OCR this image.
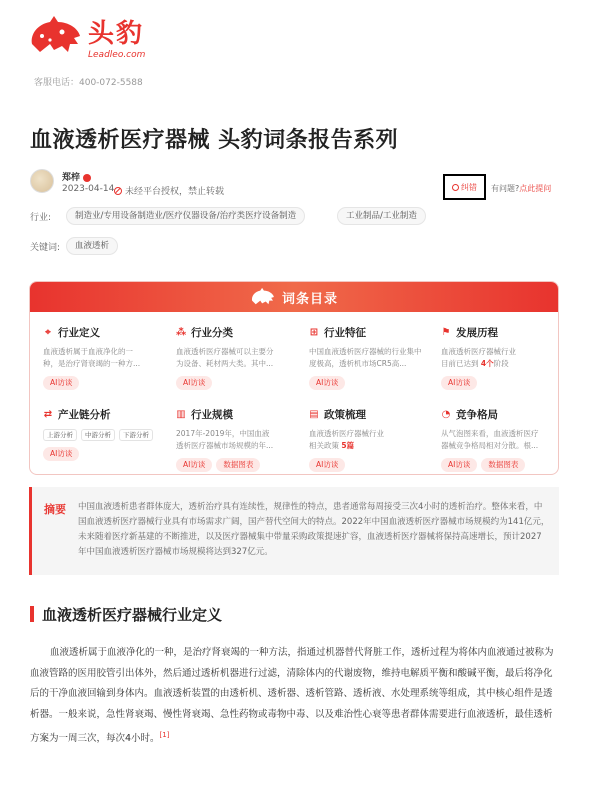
头豹
Leadleo.com
客服电话：400-072-5588
血液透析医疗器械 头豹词条报告系列
郑梓
2023-04-14 未经平台授权，禁止转载	纠错 有问题?点此提问
行业:	制造业/专用设备制造业/医疗仪器设备/治疗类医疗设备制造	工业制品/工业制造
关键词:	血液透析
词条目录
⌖ 行业定义
血液透析属于血液净化的一
种，是治疗肾衰竭的一种方...
AI访谈
⁂ 行业分类
血液透析医疗器械可以主要分
为设备、耗材两大类。其中...
AI访谈
⊞ 行业特征
中国血液透析医疗器械的行业集中
度极高，透析机市场CR5高...
AI访谈
⚑ 发展历程
血液透析医疗器械行业
目前已达到 4个阶段
AI访谈
⇄ 产业链分析
上游分析 中游分析 下游分析
AI访谈
▥ 行业规模
2017年-2019年，中国血液
透析医疗器械市场规模的年...
AI访谈 数据图表
▤ 政策梳理
血液透析医疗器械行业
相关政策 5篇
AI访谈
◔ 竞争格局
从气泡图来看，血液透析医疗
器械竞争格局相对分散。根...
AI访谈 数据图表
摘要 中国血液透析患者群体庞大，透析治疗具有连续性，规律性的特点，患者通常每周接受三次4小时的透析治疗。整体来看，中国血液透析医疗器械行业具有市场需求广阔，国产替代空间大的特点。2022年中国血液透析医疗器械市场规模约为141亿元，未来随着医疗新基建的不断推进，以及医疗器械集中带量采购政策提速扩容，血液透析医疗器械将保持高速增长，预计2027年中国血液透析医疗器械市场规模将达到327亿元。
血液透析医疗器械行业定义
血液透析属于血液净化的一种，是治疗肾衰竭的一种方法，指通过机器替代肾脏工作，透析过程为将体内血液通过被称为血液管路的医用胶管引出体外，然后通过透析机器进行过滤，清除体内的代谢废物，维持电解质平衡和酸碱平衡，最后将净化后的干净血液回输到身体内。血液透析装置的由透析机、透析器、透析管路、透析液、水处理系统等组成，其中核心组件是透析器。一般来说，急性肾衰竭、慢性肾衰竭、急性药物或毒物中毒、以及难治性心衰等患者群体需要进行血液透析，最佳透析方案为一周三次，每次4小时。[1]
